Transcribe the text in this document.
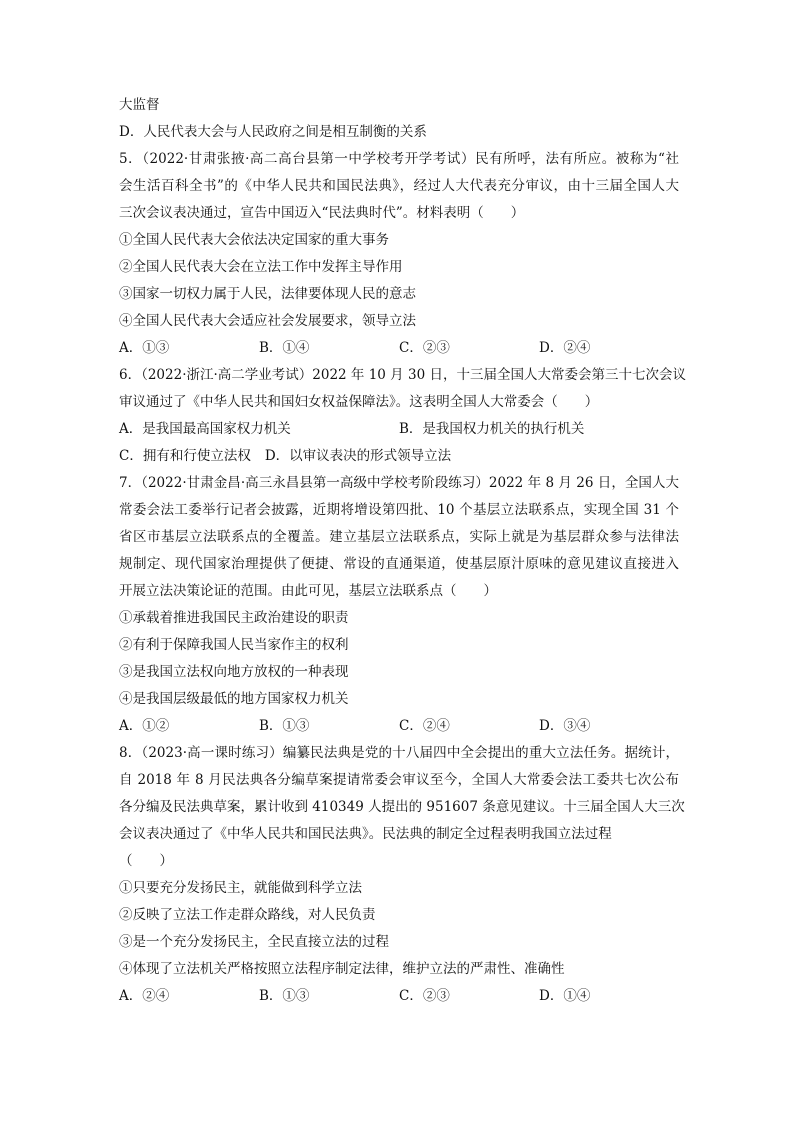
大监督
D．人民代表大会与人民政府之间是相互制衡的关系
5．（2022·甘肃张掖·高二高台县第一中学校考开学考试）民有所呼，法有所应。被称为“社
会生活百科全书”的《中华人民共和国民法典》，经过人大代表充分审议，由十三届全国人大
三次会议表决通过，宣告中国迈入“民法典时代”。材料表明（　　）
①全国人民代表大会依法决定国家的重大事务
②全国人民代表大会在立法工作中发挥主导作用
③国家一切权力属于人民，法律要体现人民的意志
④全国人民代表大会适应社会发展要求，领导立法
A．①③	B．①④	C．②③	D．②④
6．（2022·浙江·高二学业考试）2022 年 10 月 30 日，十三届全国人大常委会第三十七次会议
审议通过了《中华人民共和国妇女权益保障法》。这表明全国人大常委会（　　）
A．是我国最高国家权力机关	B．是我国权力机关的执行机关
C．拥有和行使立法权 D．以审议表决的形式领导立法
7．（2022·甘肃金昌·高三永昌县第一高级中学校考阶段练习）2022 年 8 月 26 日，全国人大
常委会法工委举行记者会披露，近期将增设第四批、10 个基层立法联系点，实现全国 31 个
省区市基层立法联系点的全覆盖。建立基层立法联系点，实际上就是为基层群众参与法律法
规制定、现代国家治理提供了便捷、常设的直通渠道，使基层原汁原味的意见建议直接进入
开展立法决策论证的范围。由此可见，基层立法联系点（　　）
①承载着推进我国民主政治建设的职责
②有利于保障我国人民当家作主的权利
③是我国立法权向地方放权的一种表现
④是我国层级最低的地方国家权力机关
A．①②	B．①③	C．②④	D．③④
8．（2023·高一课时练习）编纂民法典是党的十八届四中全会提出的重大立法任务。据统计，
自 2018 年 8 月民法典各分编草案提请常委会审议至今，全国人大常委会法工委共七次公布
各分编及民法典草案，累计收到 410349 人提出的 951607 条意见建议。十三届全国人大三次
会议表决通过了《中华人民共和国民法典》。民法典的制定全过程表明我国立法过程
（　　）
①只要充分发扬民主，就能做到科学立法
②反映了立法工作走群众路线，对人民负责
③是一个充分发扬民主，全民直接立法的过程
④体现了立法机关严格按照立法程序制定法律，维护立法的严肃性、准确性
A．②④	B．①③	C．②③	D．①④
